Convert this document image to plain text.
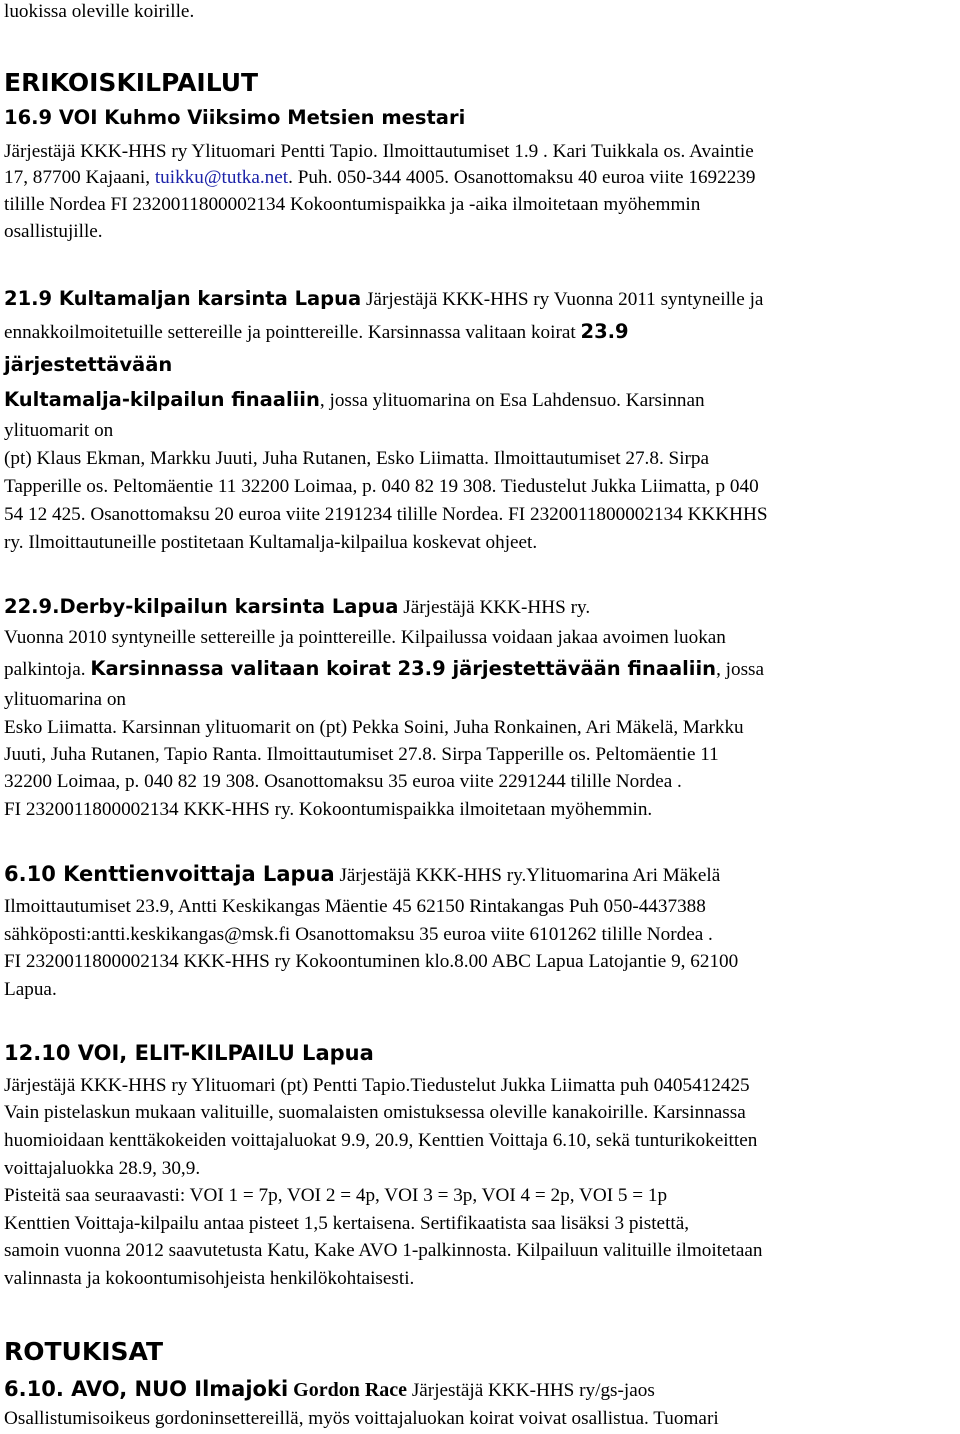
luokissa oleville koirille.
ERIKOISKILPAILUT
16.9 VOI Kuhmo Viiksimo Metsien mestari
Järjestäjä KKK-HHS ry Ylituomari Pentti Tapio. Ilmoittautumiset 1.9 . Kari Tuikkala os. Avaintie
17, 87700 Kajaani, tuikku@tutka.net. Puh. 050-344 4005. Osanottomaksu 40 euroa viite 1692239
tilille Nordea FI 2320011800002134 Kokoontumispaikka ja -aika ilmoitetaan myöhemmin
osallistujille.
21.9 Kultamaljan karsinta Lapua Järjestäjä KKK-HHS ry Vuonna 2011 syntyneille ja
ennakkoilmoitetuille settereille ja pointtereille. Karsinnassa valitaan koirat 23.9
järjestettävään
Kultamalja-kilpailun finaaliin, jossa ylituomarina on Esa Lahdensuo. Karsinnan
ylituomarit on
(pt) Klaus Ekman, Markku Juuti, Juha Rutanen, Esko Liimatta. Ilmoittautumiset 27.8. Sirpa
Tapperille os. Peltomäentie 11 32200 Loimaa, p. 040 82 19 308. Tiedustelut Jukka Liimatta, p 040
54 12 425. Osanottomaksu 20 euroa viite 2191234 tilille Nordea. FI 2320011800002134 KKKHHS
ry. Ilmoittautuneille postitetaan Kultamalja-kilpailua koskevat ohjeet.
22.9.Derby-kilpailun karsinta Lapua Järjestäjä KKK-HHS ry.
Vuonna 2010 syntyneille settereille ja pointtereille. Kilpailussa voidaan jakaa avoimen luokan
palkintoja. Karsinnassa valitaan koirat 23.9 järjestettävään finaaliin, jossa
ylituomarina on
Esko Liimatta. Karsinnan ylituomarit on (pt) Pekka Soini, Juha Ronkainen, Ari Mäkelä, Markku
Juuti, Juha Rutanen, Tapio Ranta. Ilmoittautumiset 27.8. Sirpa Tapperille os. Peltomäentie 11
32200 Loimaa, p. 040 82 19 308. Osanottomaksu 35 euroa viite 2291244 tilille Nordea .
FI 2320011800002134 KKK-HHS ry. Kokoontumispaikka ilmoitetaan myöhemmin.
6.10 Kenttienvoittaja Lapua Järjestäjä KKK-HHS ry.Ylituomarina Ari Mäkelä
Ilmoittautumiset 23.9, Antti Keskikangas Mäentie 45 62150 Rintakangas Puh 050-4437388
sähköposti:antti.keskikangas@msk.fi Osanottomaksu 35 euroa viite 6101262 tilille Nordea .
FI 2320011800002134 KKK-HHS ry Kokoontuminen klo.8.00 ABC Lapua Latojantie 9, 62100
Lapua.
12.10 VOI, ELIT-KILPAILU Lapua
Järjestäjä KKK-HHS ry Ylituomari (pt) Pentti Tapio.Tiedustelut Jukka Liimatta puh 0405412425
Vain pistelaskun mukaan valituille, suomalaisten omistuksessa oleville kanakoirille. Karsinnassa
huomioidaan kenttäkokeiden voittajaluokat 9.9, 20.9, Kenttien Voittaja 6.10, sekä tunturikokeitten
voittajaluokka 28.9, 30,9.
Pisteitä saa seuraavasti: VOI 1 = 7p, VOI 2 = 4p, VOI 3 = 3p, VOI 4 = 2p, VOI 5 = 1p
Kenttien Voittaja-kilpailu antaa pisteet 1,5 kertaisena. Sertifikaatista saa lisäksi 3 pistettä,
samoin vuonna 2012 saavutetusta Katu, Kake AVO 1-palkinnosta. Kilpailuun valituille ilmoitetaan
valinnasta ja kokoontumisohjeista henkilökohtaisesti.
ROTUKISAT
6.10. AVO, NUO Ilmajoki Gordon Race Järjestäjä KKK-HHS ry/gs-jaos
Osallistumisoikeus gordoninsettereillä, myös voittajaluokan koirat voivat osallistua. Tuomari
